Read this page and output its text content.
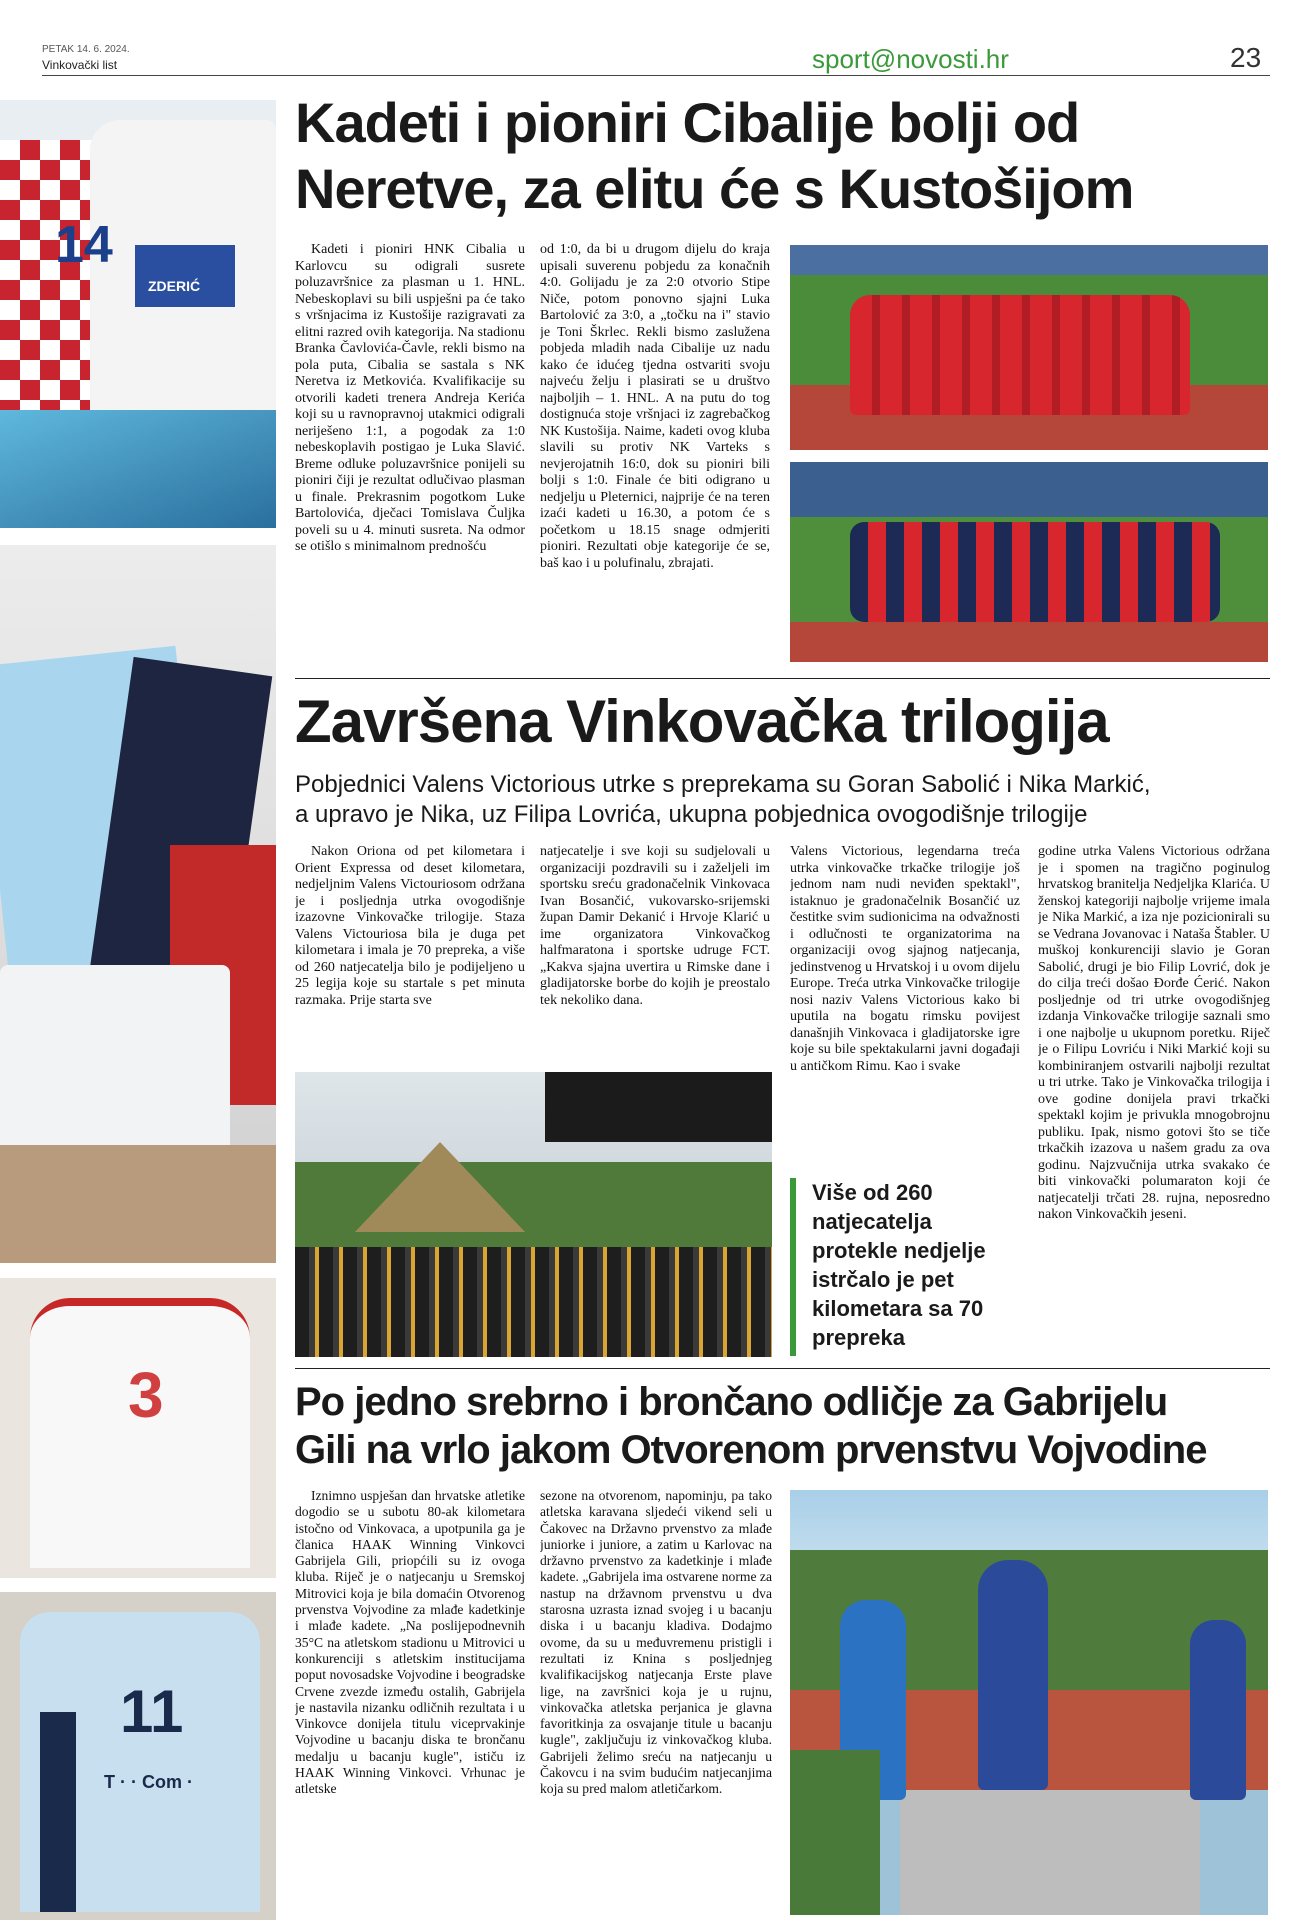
PETAK 14. 6. 2024.
Vinkovački list	sport@novosti.hr	23
14
ZDERIĆ
3
11
T · · Com ·
Kadeti i pioniri Cibalije bolji od
Neretve, za elitu će s Kustošijom
Kadeti i pioniri HNK Cibalia u Karlovcu su odigrali susrete poluzavršnice za plasman u 1. HNL. Nebeskoplavi su bili uspješni pa će tako s vršnjacima iz Kustošije razigravati za elitni razred ovih kategorija. Na stadionu Branka Čavlovića-Čavle, rekli bismo na pola puta, Cibalia se sastala s NK Neretva iz Metkovića. Kvalifikacije su otvorili kadeti trenera Andreja Kerića koji su u ravnopravnoj utakmici odigrali neriješeno 1:1, a pogodak za 1:0 nebeskoplavih postigao je Luka Slavić. Breme odluke poluzavršnice ponijeli su pioniri čiji je rezultat odlučivao plasman u finale. Prekrasnim pogotkom Luke Bartolovića, dječaci Tomislava Čuljka poveli su u 4. minuti susreta. Na odmor se otišlo s minimalnom prednošću
od 1:0, da bi u drugom dijelu do kraja upisali suverenu pobjedu za konačnih 4:0. Golijadu je za 2:0 otvorio Stipe Niče, potom ponovno sjajni Luka Bartolović za 3:0, a „točku na i" stavio je Toni Škrlec. Rekli bismo zaslužena pobjeda mladih nada Cibalije uz nadu kako će idućeg tjedna ostvariti svoju najveću želju i plasirati se u društvo najboljih – 1. HNL. A na putu do tog dostignuća stoje vršnjaci iz zagrebačkog NK Kustošija. Naime, kadeti ovog kluba slavili su protiv NK Varteks s nevjerojatnih 16:0, dok su pioniri bili bolji s 1:0. Finale će biti odigrano u nedjelju u Pleternici, najprije će na teren izaći kadeti u 16.30, a potom će s početkom u 18.15 snage odmjeriti pioniri. Rezultati obje kategorije će se, baš kao i u polufinalu, zbrajati.
Završena Vinkovačka trilogija
Pobjednici Valens Victorious utrke s preprekama su Goran Sabolić i Nika Markić,
a upravo je Nika, uz Filipa Lovrića, ukupna pobjednica ovogodišnje trilogije
Nakon Oriona od pet kilometara i Orient Expressa od deset kilometara, nedjeljnim Valens Victouriosom održana je i posljednja utrka ovogodišnje izazovne Vinkovačke trilogije. Staza Valens Victouriosa bila je duga pet kilometara i imala je 70 prepreka, a više od 260 natjecatelja bilo je podijeljeno u 25 legija koje su startale s pet minuta razmaka. Prije starta sve
natjecatelje i sve koji su sudjelovali u organizaciji pozdravili su i zaželjeli im sportsku sreću gradonačelnik Vinkovaca Ivan Bosančić, vukovarsko-srijemski župan Damir Dekanić i Hrvoje Klarić u ime organizatora Vinkovačkog halfmaratona i sportske udruge FCT. „Kakva sjajna uvertira u Rimske dane i gladijatorske borbe do kojih je preostalo tek nekoliko dana.
Valens Victorious, legendarna treća utrka vinkovačke trkačke trilogije još jednom nam nudi neviđen spektakl", istaknuo je gradonačelnik Bosančić uz čestitke svim sudionicima na odvažnosti i odlučnosti te organizatorima na organizaciji ovog sjajnog natjecanja, jedinstvenog u Hrvatskoj i u ovom dijelu Europe. Treća utrka Vinkovačke trilogije nosi naziv Valens Victorious kako bi uputila na bogatu rimsku povijest današnjih Vinkovaca i gladijatorske igre koje su bile spektakularni javni događaji u antičkom Rimu. Kao i svake
godine utrka Valens Victorious održana je i spomen na tragično poginulog hrvatskog branitelja Nedjeljka Klarića. U ženskoj kategoriji najbolje vrijeme imala je Nika Markić, a iza nje pozicionirali su se Vedrana Jovanovac i Nataša Štabler. U muškoj konkurenciji slavio je Goran Sabolić, drugi je bio Filip Lovrić, dok je do cilja treći došao Đorđe Ćerić. Nakon posljednje od tri utrke ovogodišnjeg izdanja Vinkovačke trilogije saznali smo i one najbolje u ukupnom poretku. Riječ je o Filipu Lovriću i Niki Markić koji su kombiniranjem ostvarili najbolji rezultat u tri utrke. Tako je Vinkovačka trilogija i ove godine donijela pravi trkački spektakl kojim je privukla mnogobrojnu publiku. Ipak, nismo gotovi što se tiče trkačkih izazova u našem gradu za ova godinu. Najzvučnija utrka svakako će biti vinkovački polumaraton koji će natjecatelji trčati 28. rujna, neposredno nakon Vinkovačkih jeseni.
Više od 260 natjecatelja protekle nedjelje istrčalo je pet kilometara sa 70 prepreka
Po jedno srebrno i brončano odličje za Gabrijelu
Gili na vrlo jakom Otvorenom prvenstvu Vojvodine
Iznimno uspješan dan hrvatske atletike dogodio se u subotu 80-ak kilometara istočno od Vinkovaca, a upotpunila ga je članica HAAK Winning Vinkovci Gabrijela Gili, priopćili su iz ovoga kluba. Riječ je o natjecanju u Sremskoj Mitrovici koja je bila domaćin Otvorenog prvenstva Vojvodine za mlađe kadetkinje i mlađe kadete. „Na poslijepodnevnih 35°C na atletskom stadionu u Mitrovici u konkurenciji s atletskim institucijama poput novosadske Vojvodine i beogradske Crvene zvezde između ostalih, Gabrijela je nastavila nizanku odličnih rezultata i u Vinkovce donijela titulu viceprvakinje Vojvodine u bacanju diska te brončanu medalju u bacanju kugle", ističu iz HAAK Winning Vinkovci. Vrhunac je atletske
sezone na otvorenom, napominju, pa tako atletska karavana sljedeći vikend seli u Čakovec na Državno prvenstvo za mlađe juniorke i juniore, a zatim u Karlovac na državno prvenstvo za kadetkinje i mlađe kadete. „Gabrijela ima ostvarene norme za nastup na državnom prvenstvu u dva starosna uzrasta iznad svojeg i u bacanju diska i u bacanju kladiva. Dodajmo ovome, da su u međuvremenu pristigli i rezultati iz Knina s posljednjeg kvalifikacijskog natjecanja Erste plave lige, na završnici koja je u rujnu, vinkovačka atletska perjanica je glavna favoritkinja za osvajanje titule u bacanju kugle", zaključuju iz vinkovačkog kluba. Gabrijeli želimo sreću na natjecanju u Čakovcu i na svim budućim natjecanjima koja su pred malom atletičarkom.
